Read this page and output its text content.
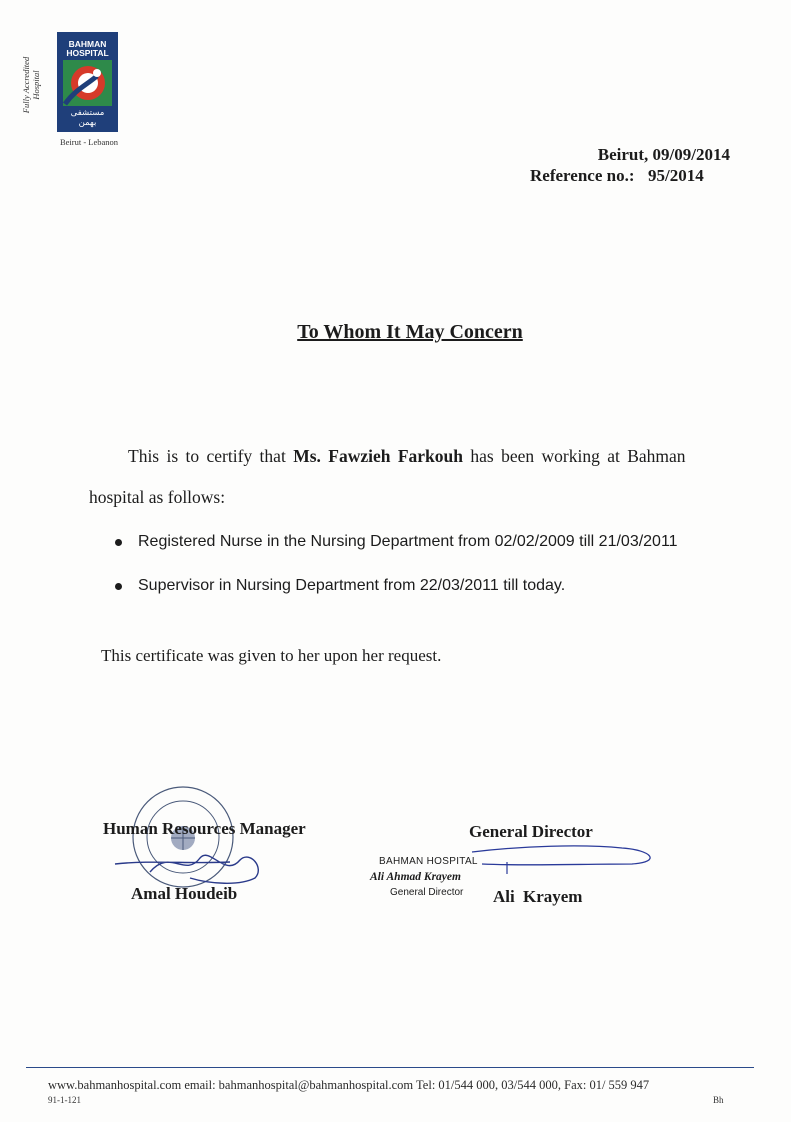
Fully Accredited Hospital
BAHMAN
HOSPITAL
مستشفى
بهمن
Beirut - Lebanon
Beirut, 09/09/2014
Reference no.: 95/2014
To Whom It May Concern
This is to certify that Ms. Fawzieh Farkouh has been working at Bahman
hospital as follows:
Registered Nurse in the Nursing Department from 02/02/2009 till 21/03/2011
Supervisor in Nursing Department from 22/03/2011 till today.
This certificate was given to her upon her request.
Human Resources Manager
Amal Houdeib
General Director
BAHMAN HOSPITAL
Ali Ahmad Krayem
General Director Ali Krayem
www.bahmanhospital.com email: bahmanhospital@bahmanhospital.com Tel: 01/544 000, 03/544 000, Fax: 01/ 559 947
91-1-121	Bh
